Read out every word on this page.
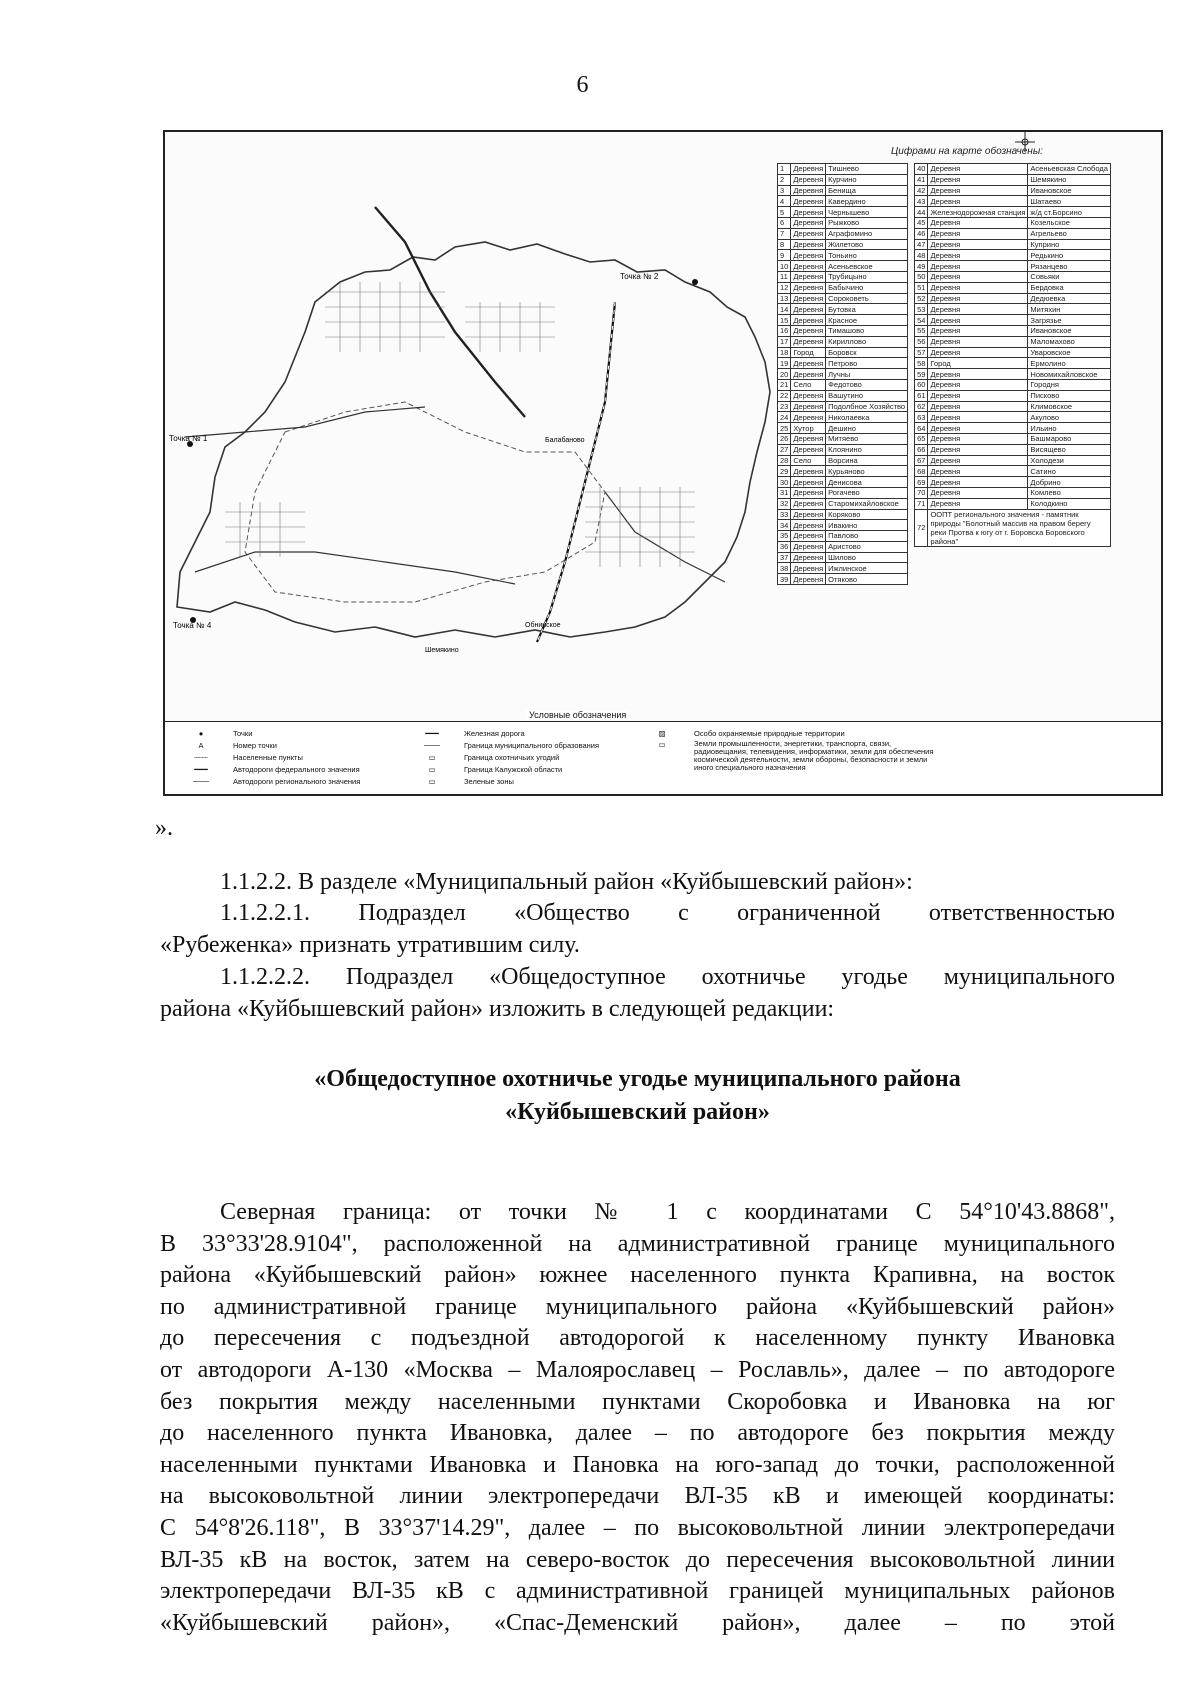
6
Точка № 1
Точка № 2
Точка № 4
Балабаново
Шемякино
Обнинское
Цифрами на карте обозначены:
1	Деревня	Тишнево
2	Деревня	Курчино
3	Деревня	Бенища
4	Деревня	Кавердино
5	Деревня	Чернышево
6	Деревня	Рыжково
7	Деревня	Аграфомино
8	Деревня	Жилетово
9	Деревня	Тоньино
10	Деревня	Асеньевское
11	Деревня	Трубицыно
12	Деревня	Бабычино
13	Деревня	Сороковеть
14	Деревня	Бутовка
15	Деревня	Красное
16	Деревня	Тимашово
17	Деревня	Кириллово
18	Город	Боровск
19	Деревня	Петрово
20	Деревня	Лучны
21	Село	Федотово
22	Деревня	Вашутино
23	Деревня	Подолбное Хозяйство
24	Деревня	Николаевка
25	Хутор	Дешино
26	Деревня	Митяево
27	Деревня	Клоянино
28	Село	Ворсина
29	Деревня	Курьяново
30	Деревня	Денисова
31	Деревня	Рогачево
32	Деревня	Старомихайловское
33	Деревня	Коряково
34	Деревня	Ивакино
35	Деревня	Павлово
36	Деревня	Аристово
37	Деревня	Шилово
38	Деревня	Ижлинское
39	Деревня	Отяково
40	Деревня	Асеньевская Слобода
41	Деревня	Шемякино
42	Деревня	Ивановское
43	Деревня	Шатаево
44	Железнодорожная станция	ж/д ст.Борсино
45	Деревня	Козельское
46	Деревня	Агрельево
47	Деревня	Куприно
48	Деревня	Редькино
49	Деревня	Рязанцево
50	Деревня	Совьяки
51	Деревня	Бердовка
52	Деревня	Дедюевка
53	Деревня	Митяхин
54	Деревня	Загрязье
55	Деревня	Ивановское
56	Деревня	Маломахово
57	Деревня	Уваровское
58	Город	Ермолино
59	Деревня	Новомихайловское
60	Деревня	Городня
61	Деревня	Писково
62	Деревня	Климовское
63	Деревня	Акулово
64	Деревня	Ильино
65	Деревня	Башмарово
66	Деревня	Висящево
67	Деревня	Холодези
68	Деревня	Сатино
69	Деревня	Добрино
70	Деревня	Комлево
71	Деревня	Колодкино
72	ООПТ регионального значения - памятник природы "Болотный массив на правом берегу реки Протва к югу от г. Боровска Боровского района"	
Условные обозначения
●	Точки
A	Номер точки
┄┄┄	Населенные пункты
━━━	Автодороги федерального значения
───	Автодороги регионального значения
━━━	Железная дорога
───	Граница муниципального образования
▭	Граница охотничьих угодий
▭	Граница Калужской области
▭	Зеленые зоны
▨	Особо охраняемые природные территории
▭	Земли промышленности, энергетики, транспорта, связи, радиовещания, телевидения, информатики, земли для обеспечения космической деятельности, земли обороны, безопасности и земли иного специального назначения
».
1.1.2.2. В разделе «Муниципальный район «Куйбышевский район»:
1.1.2.2.1. Подраздел «Общество с ограниченной ответственностью
«Рубеженка» признать утратившим силу.
1.1.2.2.2. Подраздел «Общедоступное охотничье угодье муниципального
района «Куйбышевский район» изложить в следующей редакции:
«Общедоступное охотничье угодье муниципального района
«Куйбышевский район»
Северная граница: от точки № 1 с координатами С 54°10'43.8868",
В 33°33'28.9104", расположенной на административной границе муниципального
района «Куйбышевский район» южнее населенного пункта Крапивна, на восток
по административной границе муниципального района «Куйбышевский район»
до пересечения с подъездной автодорогой к населенному пункту Ивановка
от автодороги А-130 «Москва – Малоярославец – Рославль», далее – по автодороге
без покрытия между населенными пунктами Скоробовка и Ивановка на юг
до населенного пункта Ивановка, далее – по автодороге без покрытия между
населенными пунктами Ивановка и Пановка на юго-запад до точки, расположенной
на высоковольтной линии электропередачи ВЛ-35 кВ и имеющей координаты:
С 54°8'26.118", В 33°37'14.29", далее – по высоковольтной линии электропередачи
ВЛ-35 кВ на восток, затем на северо-восток до пересечения высоковольтной линии
электропередачи ВЛ-35 кВ с административной границей муниципальных районов
«Куйбышевский район», «Спас-Деменский район», далее – по этой
